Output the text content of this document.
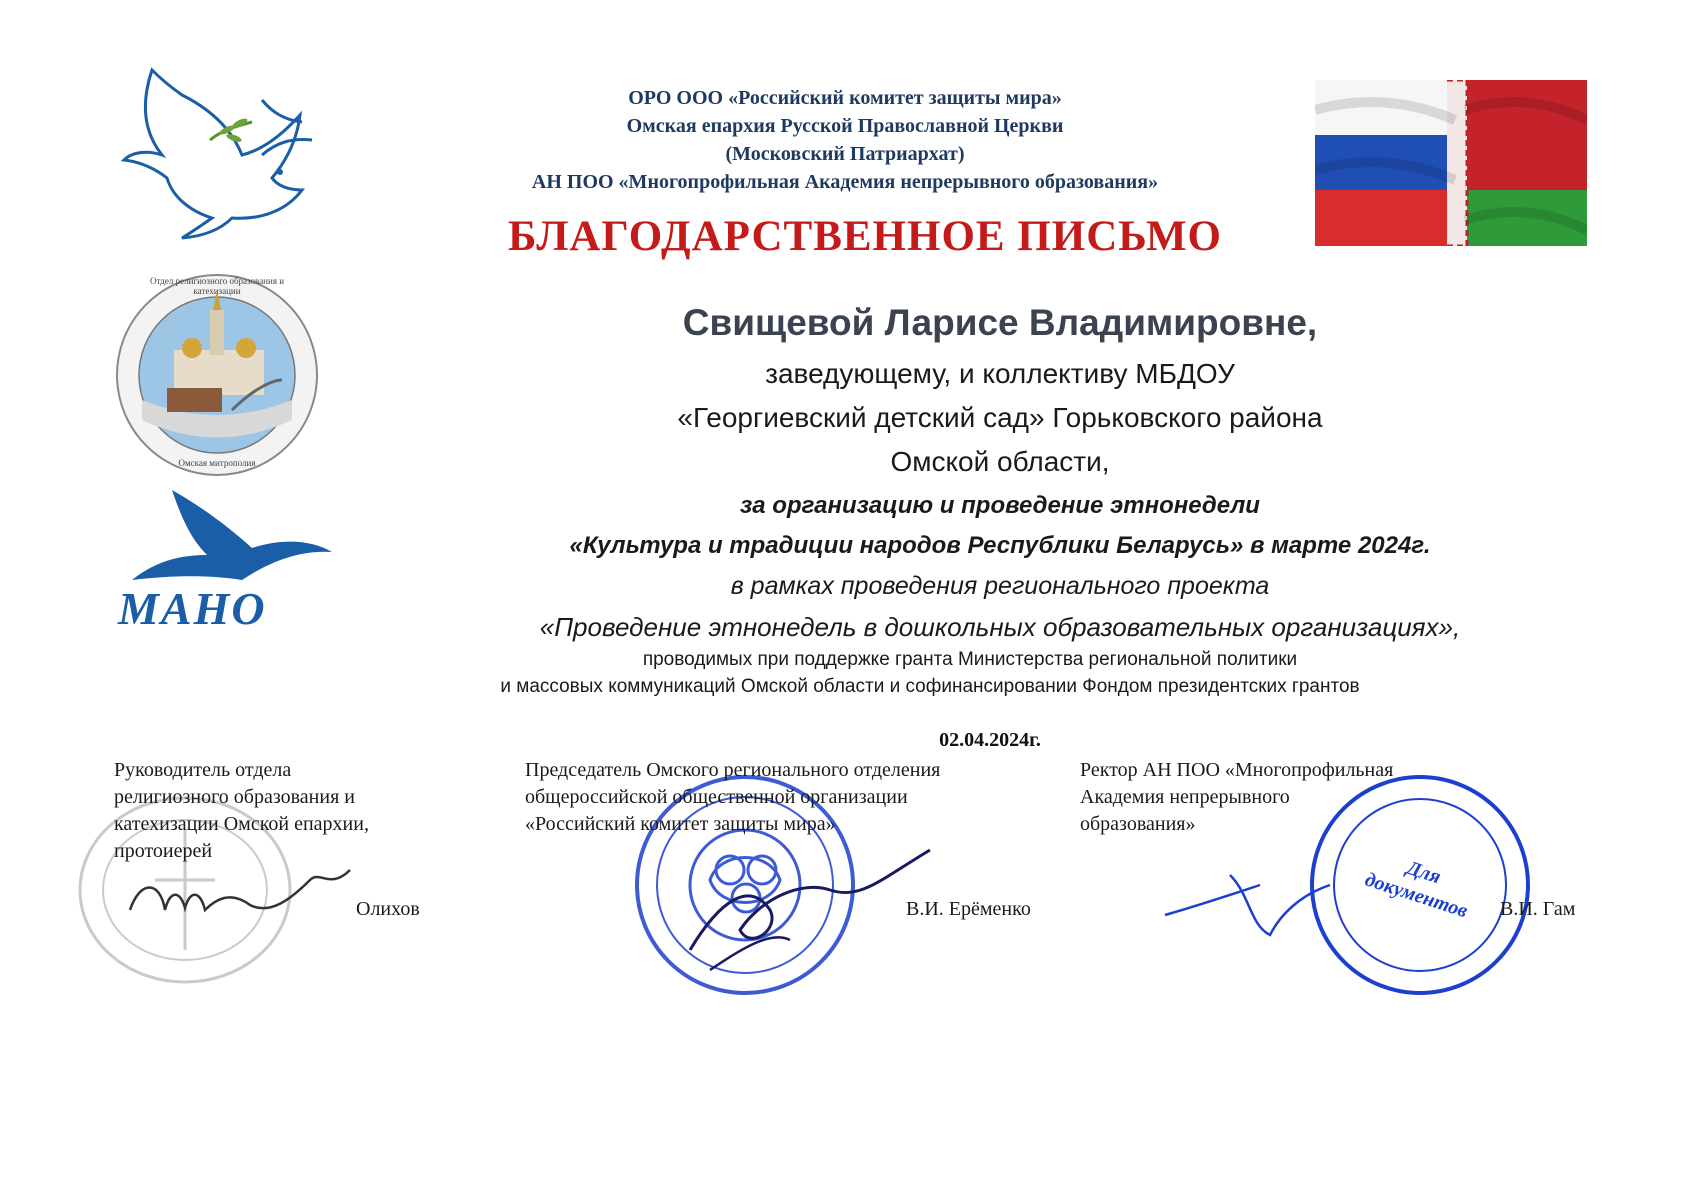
Отдел религиозного образования и катехизации
Омская митрополия
МАНО
ОРО ООО «Российский комитет защиты мира»
Омская епархия Русской Православной Церкви
(Московский Патриархат)
АН ПОО «Многопрофильная Академия непрерывного образования»
БЛАГОДАРСТВЕННОЕ ПИСЬМО
Свищевой Ларисе Владимировне,
заведующему, и коллективу МБДОУ
«Георгиевский детский сад» Горьковского района
Омской области,
за организацию и проведение этнонедели
«Культура и традиции народов Республики Беларусь» в марте 2024г.
в рамках проведения регионального проекта
«Проведение этнонедель в дошкольных образовательных организациях»,
проводимых при поддержке гранта Министерства региональной политики
и массовых коммуникаций Омской области и софинансировании Фондом президентских грантов
02.04.2024г.
Для документов
Руководитель отдела
религиозного образования и
катехизации Омской епархии,
протоиерей
Председатель Омского регионального отделения
общероссийской общественной организации
«Российский комитет защиты мира»
Ректор АН ПОО «Многопрофильная
Академия непрерывного
образования»
Олихов	В.И. Ерёменко	В.И. Гам
